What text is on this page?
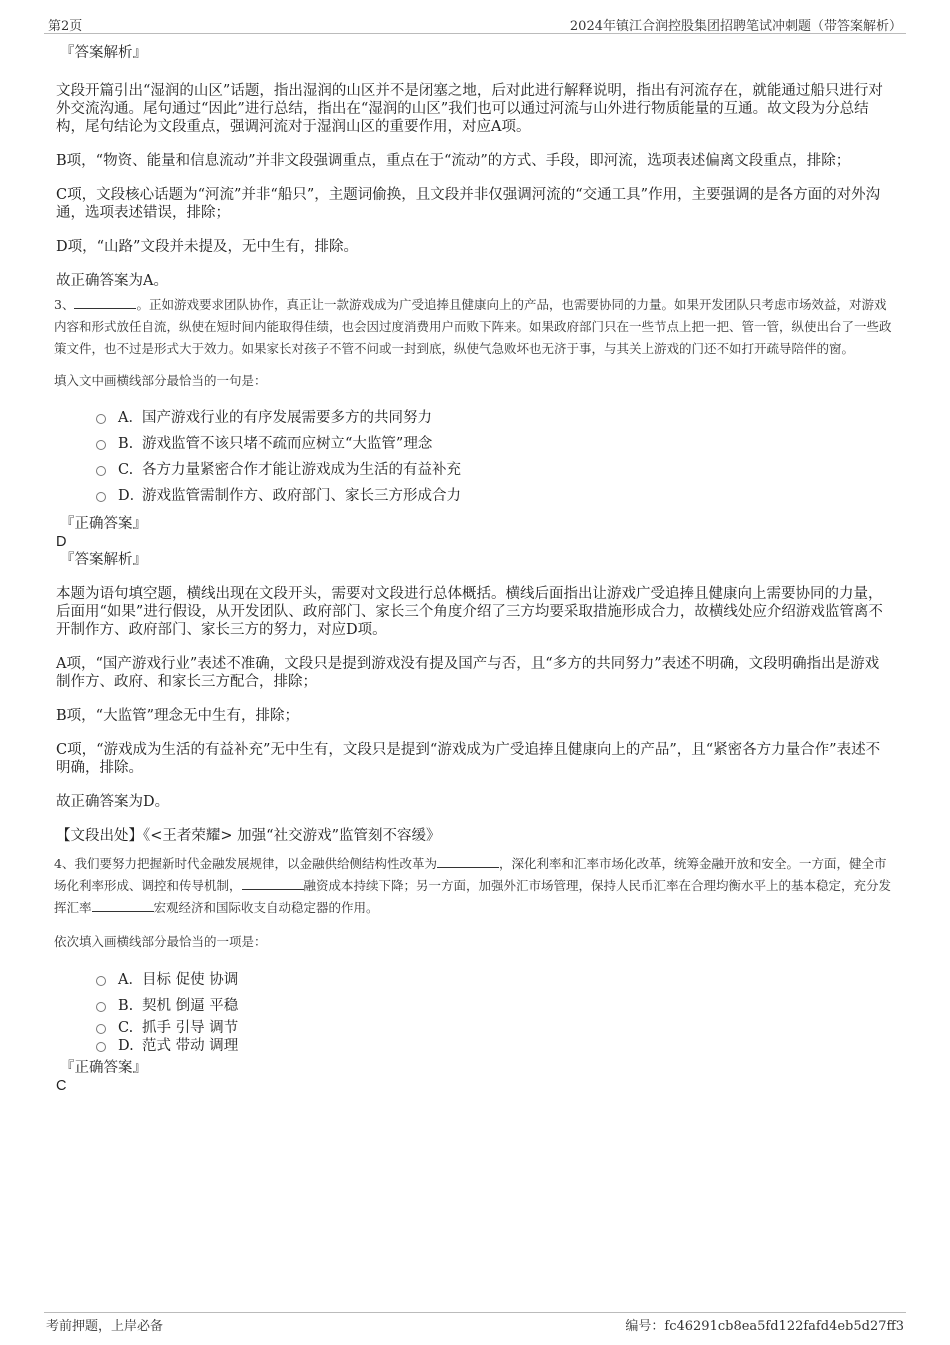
第2页	2024年镇江合润控股集团招聘笔试冲刺题（带答案解析）

『答案解析』

文段开篇引出“湿润的山区”话题，指出湿润的山区并不是闭塞之地，后对此进行解释说明，指出有河流存在，就能通过船只进行对外交流沟通。尾句通过“因此”进行总结，指出在“湿润的山区”我们也可以通过河流与山外进行物质能量的互通。故文段为分总结构，尾句结论为文段重点，强调河流对于湿润山区的重要作用，对应A项。

B项，“物资、能量和信息流动”并非文段强调重点，重点在于“流动”的方式、手段，即河流，选项表述偏离文段重点，排除；

C项，文段核心话题为“河流”并非“船只”，主题词偷换，且文段并非仅强调河流的“交通工具”作用，主要强调的是各方面的对外沟通，选项表述错误，排除；

D项，“山路”文段并未提及，无中生有，排除。

故正确答案为A。

3、	。正如游戏要求团队协作，真正让一款游戏成为广受追捧且健康向上的产品，也需要协同的力量。如果开发团队只考虑市场效益，对游戏内容和形式放任自流，纵使在短时间内能取得佳绩，也会因过度消费用户而败下阵来。如果政府部门只在一些节点上把一把、管一管，纵使出台了一些政策文件，也不过是形式大于效力。如果家长对孩子不管不问或一封到底，纵使气急败坏也无济于事，与其关上游戏的门还不如打开疏导陪伴的窗。

填入文中画横线部分最恰当的一句是：

A．国产游戏行业的有序发展需要多方的共同努力
B. 游戏监管不该只堵不疏而应树立“大监管”理念
C. 各方力量紧密合作才能让游戏成为生活的有益补充
D．游戏监管需制作方、政府部门、家长三方形成合力

『正确答案』

D

『答案解析』

本题为语句填空题，横线出现在文段开头，需要对文段进行总体概括。横线后面指出让游戏广受追捧且健康向上需要协同的力量，后面用“如果”进行假设，从开发团队、政府部门、家长三个角度介绍了三方均要采取措施形成合力，故横线处应介绍游戏监管离不开制作方、政府部门、家长三方的努力，对应D项。

A项，“国产游戏行业”表述不准确，文段只是提到游戏没有提及国产与否，且“多方的共同努力”表述不明确，文段明确指出是游戏制作方、政府、和家长三方配合，排除；

B项，“大监管”理念无中生有，排除；

C项，“游戏成为生活的有益补充”无中生有，文段只是提到“游戏成为广受追捧且健康向上的产品”，且“紧密各方力量合作”表述不明确，排除。

故正确答案为D。

【文段出处】《<王者荣耀> 加强“社交游戏”监管刻不容缓》

4、我们要努力把握新时代金融发展规律，以金融供给侧结构性改革为	，深化利率和汇率市场化改革，统筹金融开放和安全。一方面，健全市场化利率形成、调控和传导机制，	融资成本持续下降；另一方面，加强外汇市场管理，保持人民币汇率在合理均衡水平上的基本稳定，充分发挥汇率	宏观经济和国际收支自动稳定器的作用。

依次填入画横线部分最恰当的一项是：

A．目标 促使 协调
B. 契机 倒逼 平稳
C. 抓手 引导 调节
D. 范式 带动 调理

『正确答案』

C

考前押题，上岸必备	编号：fc46291cb8ea5fd122fafd4eb5d27ff3
